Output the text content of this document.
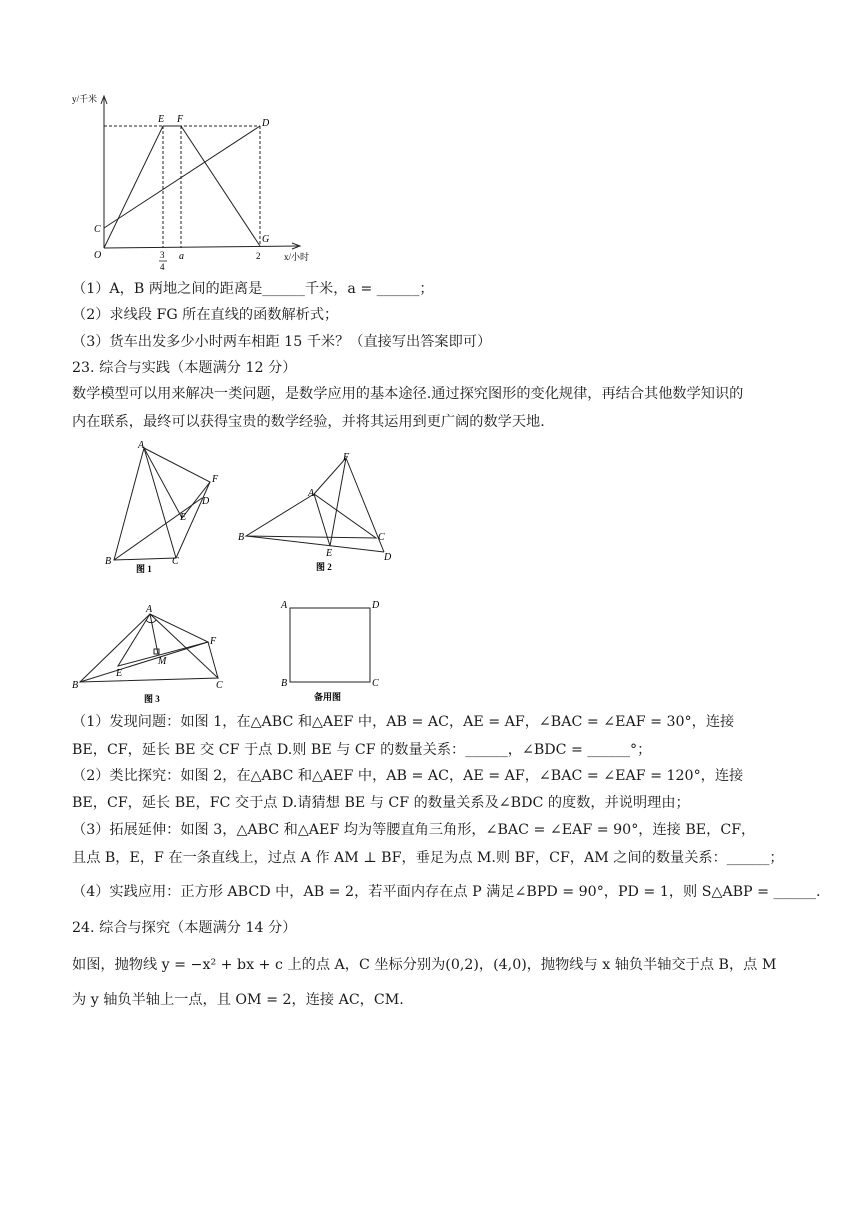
y/千米
x/小时
E F	D
C
G
O	3
4
a	2
（1）A，B 两地之间的距离是______千米，a = ______；
（2）求线段 FG 所在直线的函数解析式；
（3）货车出发多少小时两车相距 15 千米？（直接写出答案即可）
23. 综合与实践（本题满分 12 分）
数学模型可以用来解决一类问题，是数学应用的基本途径.通过探究图形的变化规律，再结合其他数学知识的
内在联系，最终可以获得宝贵的数学经验，并将其运用到更广阔的数学天地.
A
F
D
E
B	C
图 1
A
F
B	C
E	D
图 2
A
F
M
E
B	C
图 3
A	D
B	C
备用图
（1）发现问题：如图 1，在△ABC 和△AEF 中，AB = AC，AE = AF，∠BAC = ∠EAF = 30°，连接
BE，CF，延长 BE 交 CF 于点 D.则 BE 与 CF 的数量关系：______，∠BDC = ______°；
（2）类比探究：如图 2，在△ABC 和△AEF 中，AB = AC，AE = AF，∠BAC = ∠EAF = 120°，连接
BE，CF，延长 BE，FC 交于点 D.请猜想 BE 与 CF 的数量关系及∠BDC 的度数，并说明理由；
（3）拓展延伸：如图 3，△ABC 和△AEF 均为等腰直角三角形，∠BAC = ∠EAF = 90°，连接 BE，CF，
且点 B，E，F 在一条直线上，过点 A 作 AM ⊥ BF，垂足为点 M.则 BF，CF，AM 之间的数量关系：______；
（4）实践应用：正方形 ABCD 中，AB = 2，若平面内存在点 P 满足∠BPD = 90°，PD = 1，则 S△ABP = ______.
24. 综合与探究（本题满分 14 分）
如图，抛物线 y = −x² + bx + c 上的点 A，C 坐标分别为(0,2)，(4,0)，抛物线与 x 轴负半轴交于点 B，点 M
为 y 轴负半轴上一点，且 OM = 2，连接 AC，CM.
